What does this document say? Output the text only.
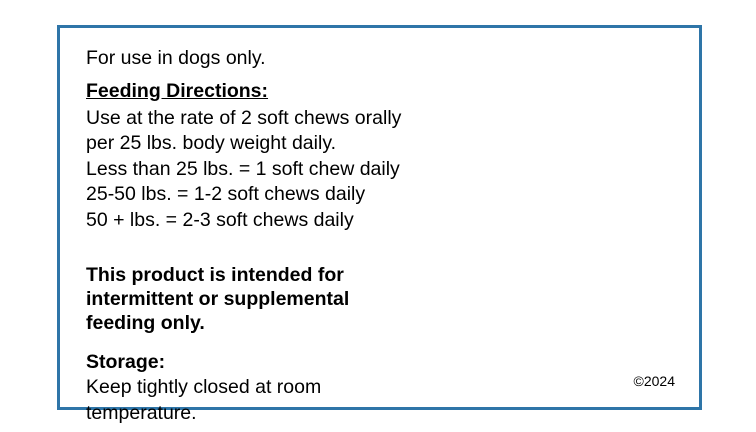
For use in dogs only.
Feeding Directions:
Use at the rate of 2 soft chews orally
per 25 lbs. body weight daily.
Less than 25 lbs. = 1 soft chew daily
25-50 lbs. = 1-2 soft chews daily
50 + lbs. = 2-3 soft chews daily
This product is intended for
intermittent or supplemental
feeding only.
Storage:
Keep tightly closed at room
temperature.
©2024
